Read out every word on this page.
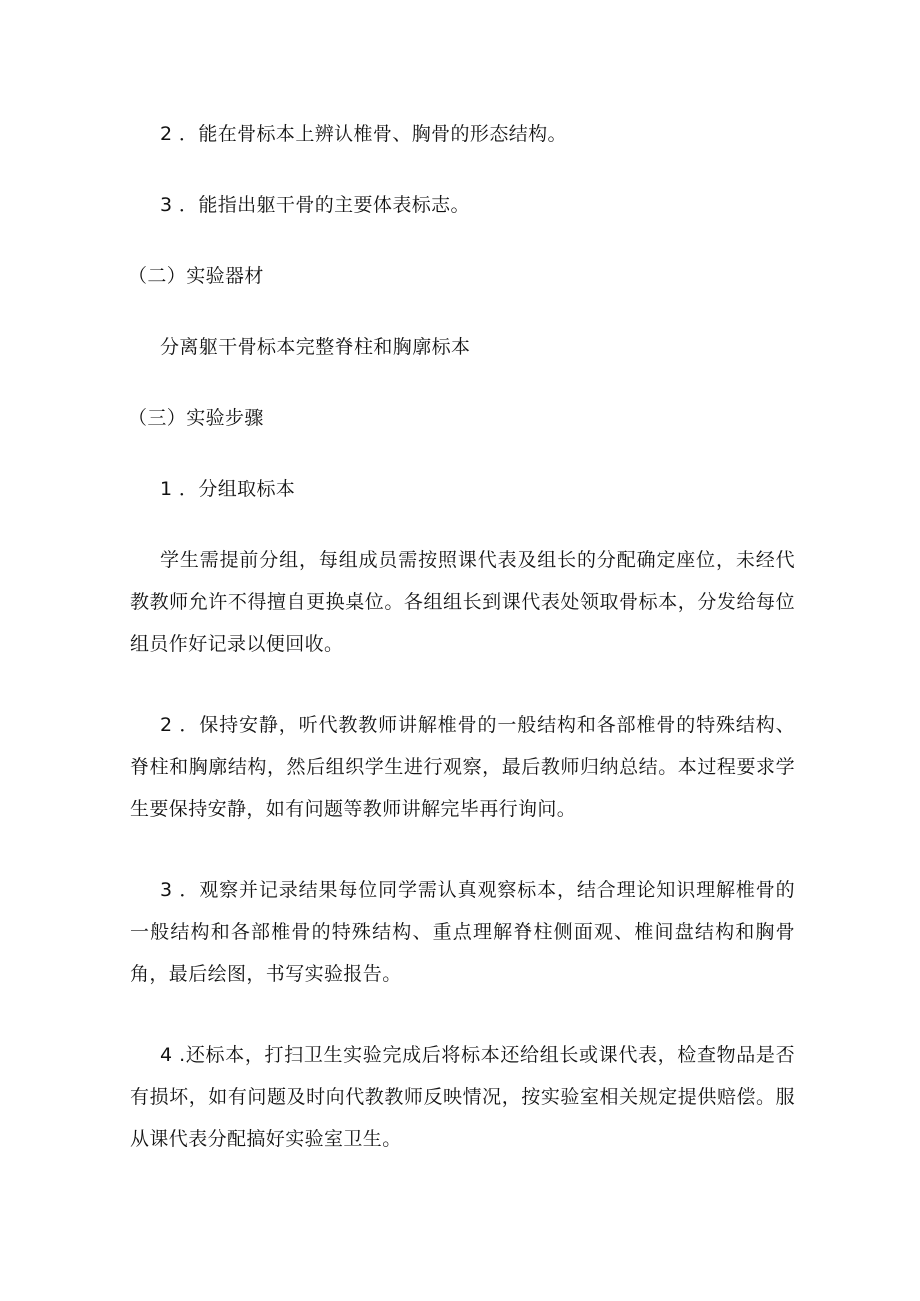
2 ．能在骨标本上辨认椎骨、胸骨的形态结构。
3 ．能指出躯干骨的主要体表标志。
（二）实验器材
分离躯干骨标本完整脊柱和胸廓标本
（三）实验步骤
1 ．分组取标本
学生需提前分组，每组成员需按照课代表及组长的分配确定座位，未经代教教师允许不得擅自更换桌位。各组组长到课代表处领取骨标本，分发给每位组员作好记录以便回收。
2 ．保持安静，听代教教师讲解椎骨的一般结构和各部椎骨的特殊结构、脊柱和胸廓结构，然后组织学生进行观察，最后教师归纳总结。本过程要求学生要保持安静，如有问题等教师讲解完毕再行询问。
3 ．观察并记录结果每位同学需认真观察标本，结合理论知识理解椎骨的一般结构和各部椎骨的特殊结构、重点理解脊柱侧面观、椎间盘结构和胸骨角，最后绘图，书写实验报告。
4 .还标本，打扫卫生实验完成后将标本还给组长或课代表，检查物品是否有损坏，如有问题及时向代教教师反映情况，按实验室相关规定提供赔偿。服从课代表分配搞好实验室卫生。
